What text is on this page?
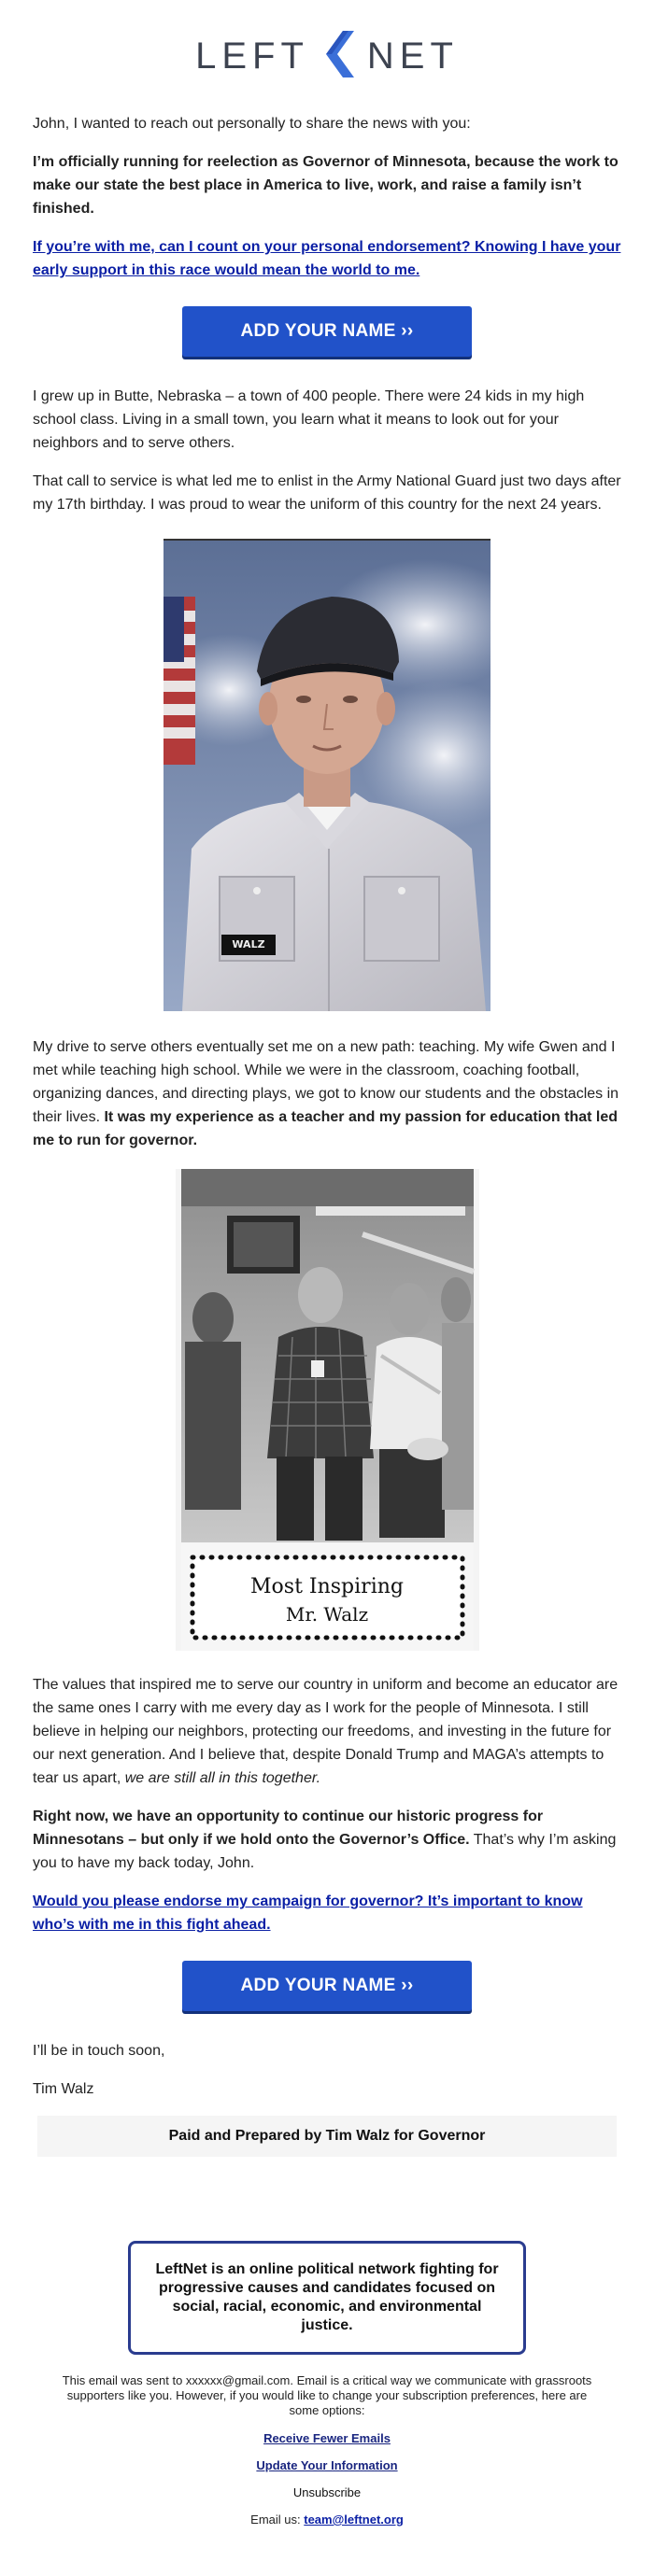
LEFT NET

John, I wanted to reach out personally to share the news with you:

I’m officially running for reelection as Governor of Minnesota, because the work to make our state the best place in America to live, work, and raise a family isn’t finished.

If you’re with me, can I count on your personal endorsement? Knowing I have your early support in this race would mean the world to me.

ADD YOUR NAME ››

I grew up in Butte, Nebraska – a town of 400 people. There were 24 kids in my high school class. Living in a small town, you learn what it means to look out for your neighbors and to serve others.

That call to service is what led me to enlist in the Army National Guard just two days after my 17th birthday. I was proud to wear the uniform of this country for the next 24 years.

WALZ

My drive to serve others eventually set me on a new path: teaching. My wife Gwen and I met while teaching high school. While we were in the classroom, coaching football, organizing dances, and directing plays, we got to know our students and the obstacles in their lives. It was my experience as a teacher and my passion for education that led me to run for governor.

Most Inspiring
Mr. Walz

The values that inspired me to serve our country in uniform and become an educator are the same ones I carry with me every day as I work for the people of Minnesota. I still believe in helping our neighbors, protecting our freedoms, and investing in the future for our next generation. And I believe that, despite Donald Trump and MAGA’s attempts to tear us apart, we are still all in this together.

Right now, we have an opportunity to continue our historic progress for Minnesotans – but only if we hold onto the Governor’s Office. That’s why I’m asking you to have my back today, John.

Would you please endorse my campaign for governor? It’s important to know who’s with me in this fight ahead.

ADD YOUR NAME ››

I’ll be in touch soon,

Tim Walz

Paid and Prepared by Tim Walz for Governor
LeftNet is an online political network fighting for progressive causes and candidates focused on social, racial, economic, and environmental justice.
This email was sent to xxxxxx@gmail.com. Email is a critical way we communicate with grassroots supporters like you. However, if you would like to change your subscription preferences, here are some options:
Receive Fewer Emails
Update Your Information
Unsubscribe
Email us: team@leftnet.org
